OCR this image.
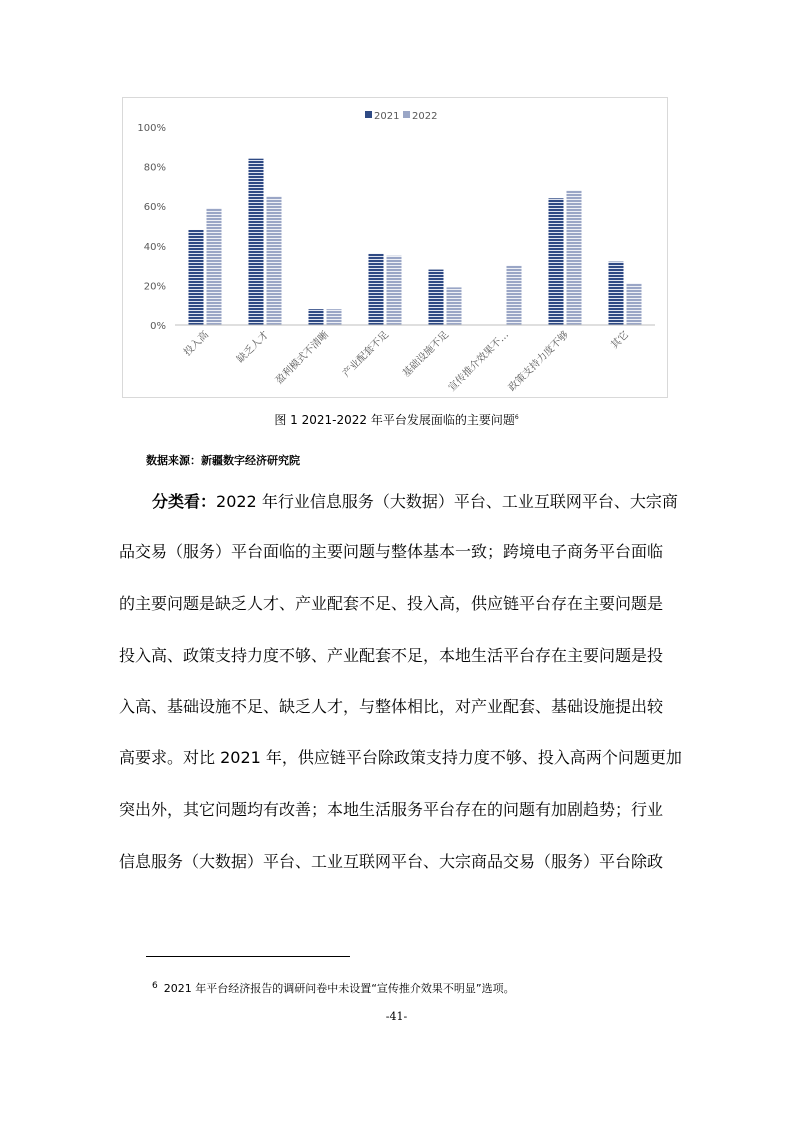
2021 2022
0%
20%
40%
60%
80%
100%
投入高 缺乏人才 盈利模式不清晰 产业配套不足 基础设施不足
宣传推介效果不…
政策支持力度不够	其它
图 1 2021-2022 年平台发展面临的主要问题$^6$
数据来源：新疆数字经济研究院
分类看：2022 年行业信息服务（大数据）平台、工业互联网平台、大宗商
品交易（服务）平台面临的主要问题与整体基本一致；跨境电子商务平台面临
的主要问题是缺乏人才、产业配套不足、投入高，供应链平台存在主要问题是
投入高、政策支持力度不够、产业配套不足，本地生活平台存在主要问题是投
入高、基础设施不足、缺乏人才，与整体相比，对产业配套、基础设施提出较
高要求。对比 2021 年，供应链平台除政策支持力度不够、投入高两个问题更加
突出外，其它问题均有改善；本地生活服务平台存在的问题有加剧趋势；行业
信息服务（大数据）平台、工业互联网平台、大宗商品交易（服务）平台除政
$^6$ 2021 年平台经济报告的调研问卷中未设置“宣传推介效果不明显”选项。
-41-
